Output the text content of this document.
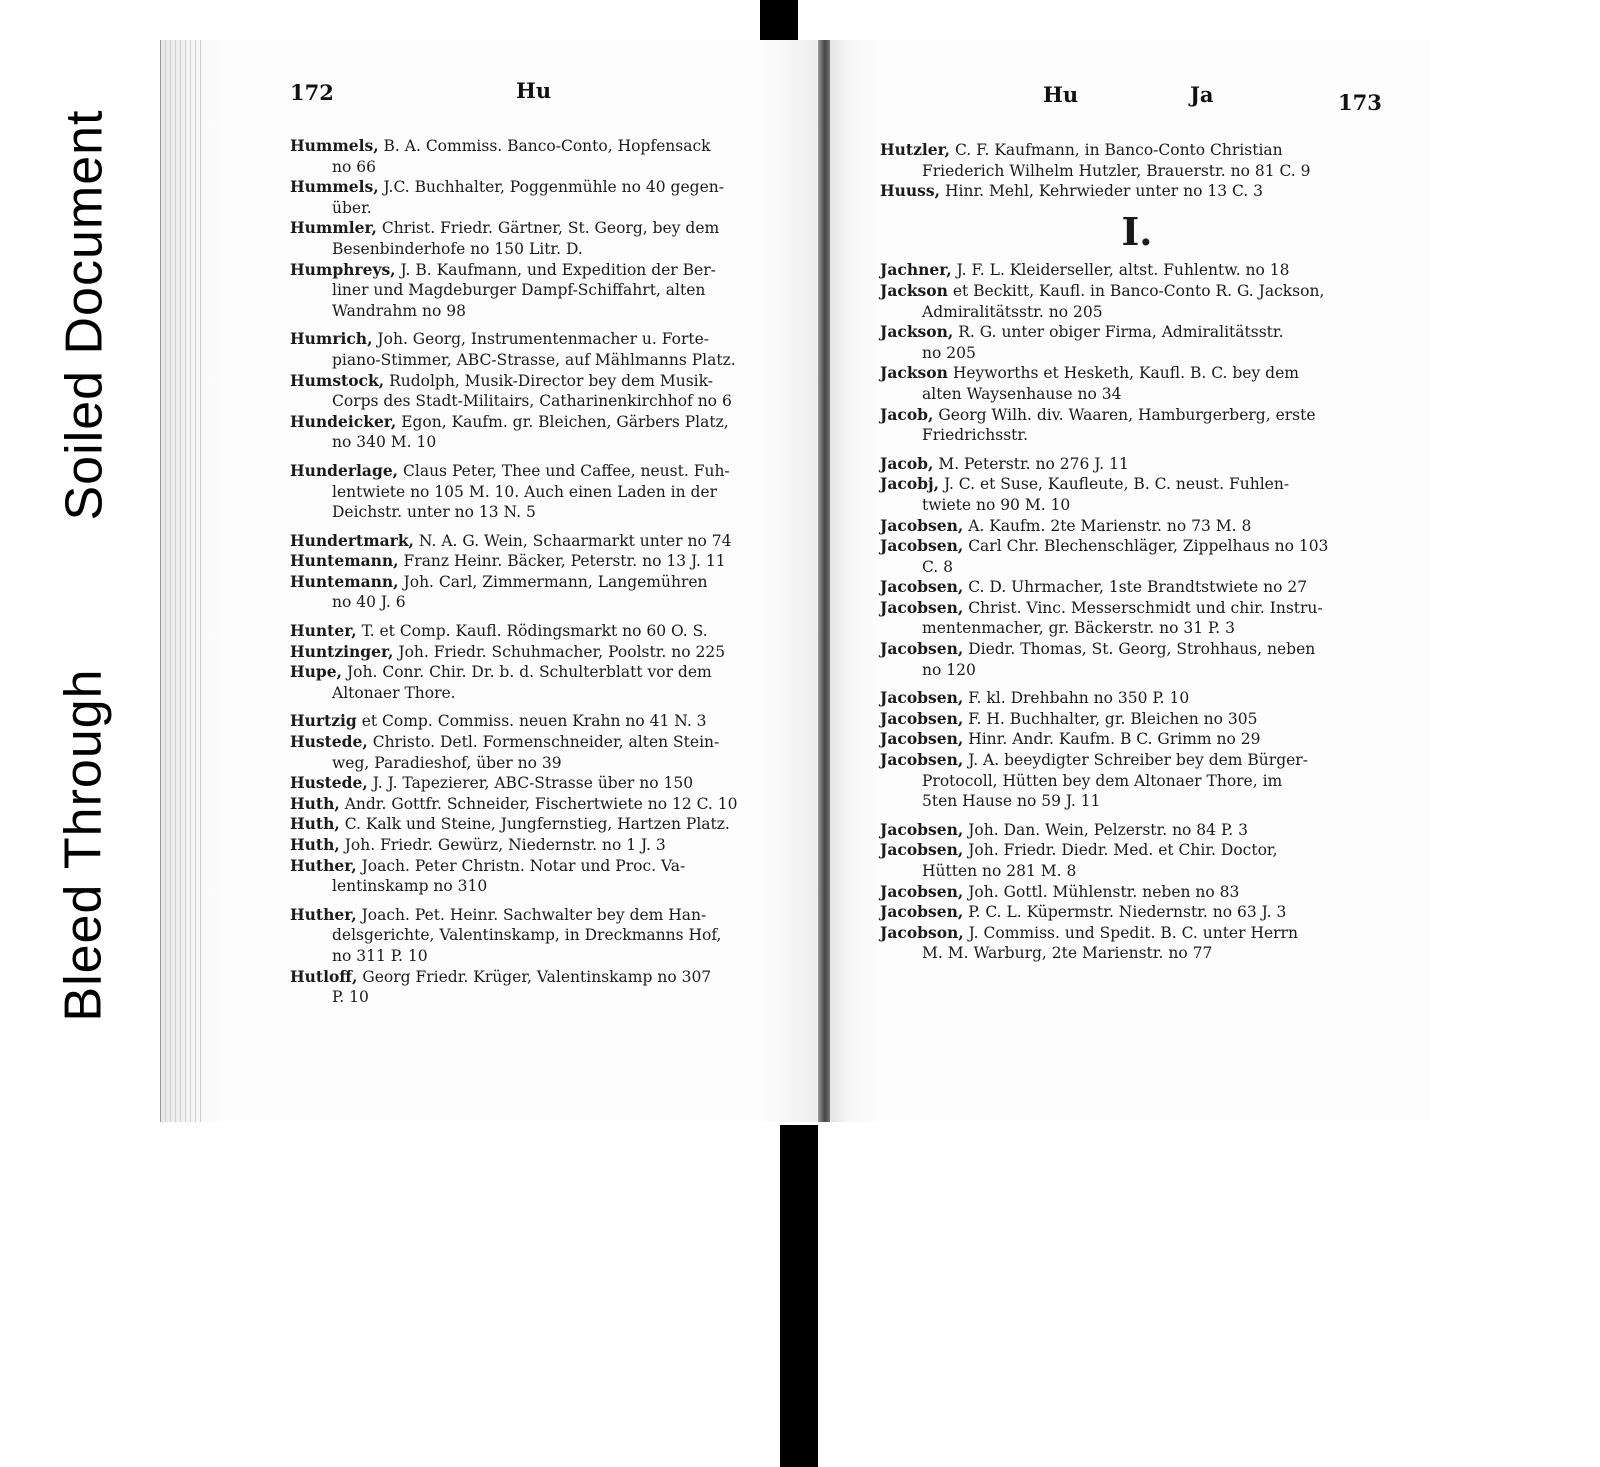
Soiled Document
Bleed Through
172	Hu	Hu	Ja	173
Hummels, B. A. Commiss. Banco-Conto, Hopfensack
no 66
Hummels, J.C. Buchhalter, Poggenmühle no 40 gegen-
über.
Hummler, Christ. Friedr. Gärtner, St. Georg, bey dem
Besenbinderhofe no 150 Litr. D.
Humphreys, J. B. Kaufmann, und Expedition der Ber-
liner und Magdeburger Dampf-Schiffahrt, alten
Wandrahm no 98
Humrich, Joh. Georg, Instrumentenmacher u. Forte-
piano-Stimmer, ABC-Strasse, auf Mählmanns Platz.
Humstock, Rudolph, Musik-Director bey dem Musik-
Corps des Stadt-Militairs, Catharinenkirchhof no 6
Hundeicker, Egon, Kaufm. gr. Bleichen, Gärbers Platz,
no 340 M. 10
Hunderlage, Claus Peter, Thee und Caffee, neust. Fuh-
lentwiete no 105 M. 10. Auch einen Laden in der
Deichstr. unter no 13 N. 5
Hundertmark, N. A. G. Wein, Schaarmarkt unter no 74
Huntemann, Franz Heinr. Bäcker, Peterstr. no 13 J. 11
Huntemann, Joh. Carl, Zimmermann, Langemühren
no 40 J. 6
Hunter, T. et Comp. Kaufl. Rödingsmarkt no 60 O. S.
Huntzinger, Joh. Friedr. Schuhmacher, Poolstr. no 225
Hupe, Joh. Conr. Chir. Dr. b. d. Schulterblatt vor dem
Altonaer Thore.
Hurtzig et Comp. Commiss. neuen Krahn no 41 N. 3
Hustede, Christo. Detl. Formenschneider, alten Stein-
weg, Paradieshof, über no 39
Hustede, J. J. Tapezierer, ABC-Strasse über no 150
Huth, Andr. Gottfr. Schneider, Fischertwiete no 12 C. 10
Huth, C. Kalk und Steine, Jungfernstieg, Hartzen Platz.
Huth, Joh. Friedr. Gewürz, Niedernstr. no 1 J. 3
Huther, Joach. Peter Christn. Notar und Proc. Va-
lentinskamp no 310
Huther, Joach. Pet. Heinr. Sachwalter bey dem Han-
delsgerichte, Valentinskamp, in Dreckmanns Hof,
no 311 P. 10
Hutloff, Georg Friedr. Krüger, Valentinskamp no 307
P. 10
Hutzler, C. F. Kaufmann, in Banco-Conto Christian
Friederich Wilhelm Hutzler, Brauerstr. no 81 C. 9
Huuss, Hinr. Mehl, Kehrwieder unter no 13 C. 3
I.
Jachner, J. F. L. Kleiderseller, altst. Fuhlentw. no 18
Jackson et Beckitt, Kaufl. in Banco-Conto R. G. Jackson,
Admiralitätsstr. no 205
Jackson, R. G. unter obiger Firma, Admiralitätsstr.
no 205
Jackson Heyworths et Hesketh, Kaufl. B. C. bey dem
alten Waysenhause no 34
Jacob, Georg Wilh. div. Waaren, Hamburgerberg, erste
Friedrichsstr.
Jacob, M. Peterstr. no 276 J. 11
Jacobj, J. C. et Suse, Kaufleute, B. C. neust. Fuhlen-
twiete no 90 M. 10
Jacobsen, A. Kaufm. 2te Marienstr. no 73 M. 8
Jacobsen, Carl Chr. Blechenschläger, Zippelhaus no 103
C. 8
Jacobsen, C. D. Uhrmacher, 1ste Brandtstwiete no 27
Jacobsen, Christ. Vinc. Messerschmidt und chir. Instru-
mentenmacher, gr. Bäckerstr. no 31 P. 3
Jacobsen, Diedr. Thomas, St. Georg, Strohhaus, neben
no 120
Jacobsen, F. kl. Drehbahn no 350 P. 10
Jacobsen, F. H. Buchhalter, gr. Bleichen no 305
Jacobsen, Hinr. Andr. Kaufm. B C. Grimm no 29
Jacobsen, J. A. beeydigter Schreiber bey dem Bürger-
Protocoll, Hütten bey dem Altonaer Thore, im
5ten Hause no 59 J. 11
Jacobsen, Joh. Dan. Wein, Pelzerstr. no 84 P. 3
Jacobsen, Joh. Friedr. Diedr. Med. et Chir. Doctor,
Hütten no 281 M. 8
Jacobsen, Joh. Gottl. Mühlenstr. neben no 83
Jacobsen, P. C. L. Küpermstr. Niedernstr. no 63 J. 3
Jacobson, J. Commiss. und Spedit. B. C. unter Herrn
M. M. Warburg, 2te Marienstr. no 77
